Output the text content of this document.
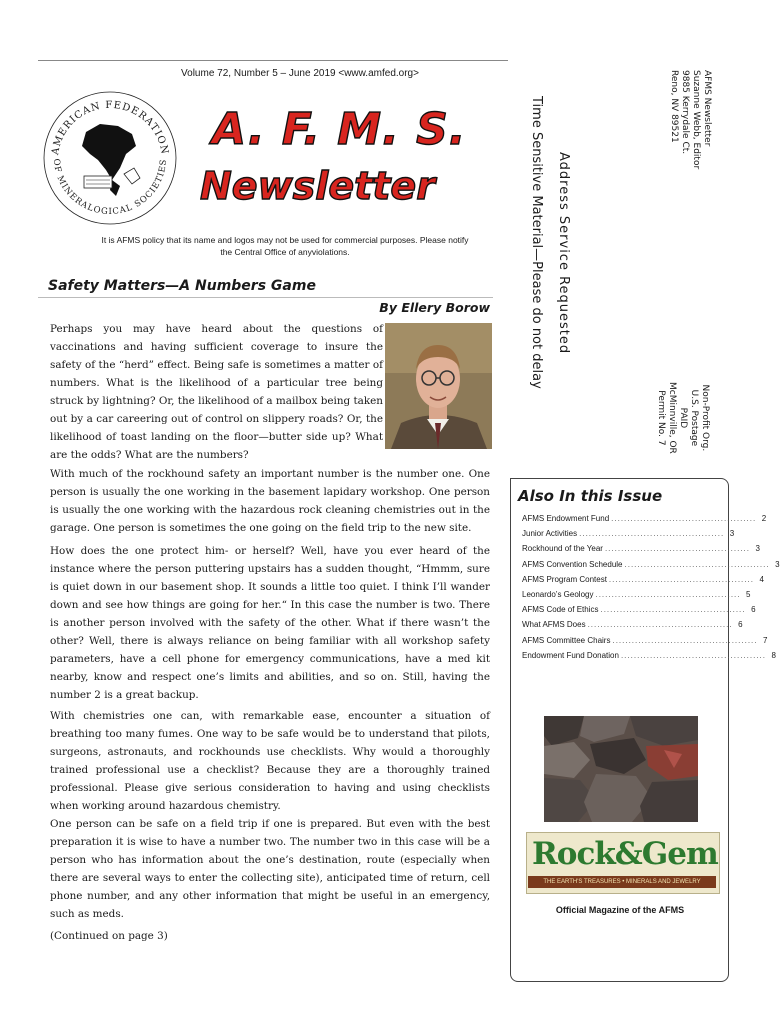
Volume 72, Number 5 – June 2019 <www.amfed.org>
AMERICAN FEDERATION
OF MINERALOGICAL SOCIETIES
A. F. M. S.
Newsletter
It is AFMS policy that its name and logos may not be used for commercial purposes. Please notify the Central Office of anyviolations.
AFMS Newsletter
Suzanne Webb, Editor
9885 Kerrydale Ct.
Reno, NV 89521
Address Service Requested
Time Sensitive Material—Please do not delay
Non-Profit Org.
U.S. Postage
PAID
McMinnville, OR
Permit No. 7
Safety Matters—A Numbers Game
By Ellery Borow

Perhaps you may have heard about the questions of vaccinations and having sufficient coverage to insure the safety of the “herd” effect. Being safe is sometimes a matter of numbers. What is the likelihood of a particular tree being struck by lightning? Or, the likelihood of a mailbox being taken out by a car careering out of control on slippery roads? Or, the likelihood of toast landing on the floor—butter side up? What are the odds? What are the numbers?

With much of the rockhound safety an important number is the number one. One person is usually the one working in the basement lapidary workshop. One person is usually the one working with the hazardous rock cleaning chemistries out in the garage. One person is sometimes the one going on the field trip to the new site.

How does the one protect him- or herself? Well, have you ever heard of the instance where the person puttering upstairs has a sudden thought, “Hmmm, sure is quiet down in our basement shop. It sounds a little too quiet. I think I’ll wander down and see how things are going for her.“ In this case the number is two. There is another person involved with the safety of the other. What if there wasn’t the other? Well, there is always reliance on being familiar with all workshop safety parameters, have a cell phone for emergency communications, have a med kit nearby, know and respect one’s limits and abilities, and so on. Still, having the number 2 is a great backup.

With chemistries one can, with remarkable ease, encounter a situation of breathing too many fumes. One way to be safe would be to understand that pilots, surgeons, astronauts, and rockhounds use checklists. Why would a thoroughly trained professional use a checklist? Because they are a thoroughly trained professional. Please give serious consideration to having and using checklists when working around hazardous chemistry.

One person can be safe on a field trip if one is prepared. But even with the best preparation it is wise to have a number two. The number two in this case will be a person who has information about the one’s destination, route (especially when there are several ways to enter the collecting site), anticipated time of return, cell phone number, and any other information that might be useful in an emergency, such as meds.

(Continued on page 3)

Also In this Issue
AFMS Endowment Fund ............................................. 2
Junior Activities ............................................. 3
Rockhound of the Year ............................................. 3
AFMS Convention Schedule ............................................. 3
AFMS Program Contest ............................................. 4
Leonardo’s Geology ............................................. 5
AFMS Code of Ethics ............................................. 6
What AFMS Does ............................................. 6
AFMS Committee Chairs ............................................. 7
Endowment Fund Donation ............................................. 8
Rock&Gem
THE EARTH'S TREASURES • MINERALS AND JEWELRY
Official Magazine of the AFMS
